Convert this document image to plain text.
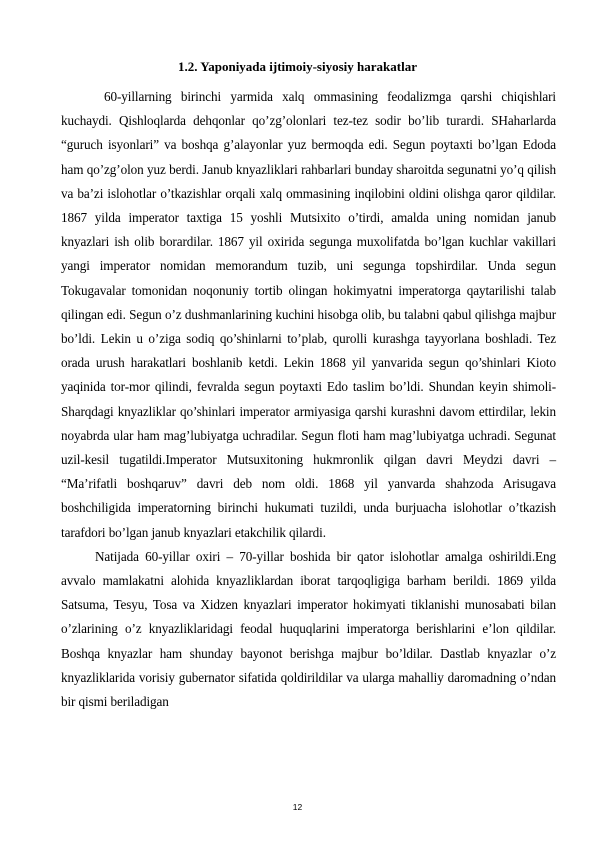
1.2. Yaponiyada ijtimoiy-siyosiy harakatlar

60-yillarning birinchi yarmida xalq ommasining feodalizmga qarshi chiqishlari kuchaydi. Qishloqlarda dehqonlar qo’zg’olonlari tez-tez sodir bo’lib turardi. SHaharlarda “guruch isyonlari” va boshqa g’alayonlar yuz bermoqda edi. Segun poytaxti bo’lgan Edoda ham qo’zg’olon yuz berdi. Janub knyazliklari rahbarlari bunday sharoitda segunatni yo’q qilish va ba’zi islohotlar o’tkazishlar orqali xalq ommasining inqilobini oldini olishga qaror qildilar. 1867 yilda imperator taxtiga 15 yoshli Mutsixito o’tirdi, amalda uning nomidan janub knyazlari ish olib borardilar. 1867 yil oxirida segunga muxolifatda bo’lgan kuchlar vakillari yangi imperator nomidan memorandum tuzib, uni segunga topshirdilar. Unda segun Tokugavalar tomonidan noqonuniy tortib olingan hokimyatni imperatorga qaytarilishi talab qilingan edi. Segun o’z dushmanlarining kuchini hisobga olib, bu talabni qabul qilishga majbur bo’ldi. Lekin u o’ziga sodiq qo’shinlarni to’plab, qurolli kurashga tayyorlana boshladi. Tez orada urush harakatlari boshlanib ketdi. Lekin 1868 yil yanvarida segun qo’shinlari Kioto yaqinida tor-mor qilindi, fevralda segun poytaxti Edo taslim bo’ldi. Shundan keyin shimoli-Sharqdagi knyazliklar qo’shinlari imperator armiyasiga qarshi kurashni davom ettirdilar, lekin noyabrda ular ham mag’lubiyatga uchradilar. Segun floti ham mag’lubiyatga uchradi. Segunat uzil-kesil tugatildi.Imperator Mutsuxitoning hukmronlik qilgan davri Meydzi davri – “Ma’rifatli boshqaruv” davri deb nom oldi. 1868 yil yanvarda shahzoda Arisugava boshchiligida imperatorning birinchi hukumati tuzildi, unda burjuacha islohotlar o’tkazish tarafdori bo’lgan janub knyazlari etakchilik qilardi.

Natijada 60-yillar oxiri – 70-yillar boshida bir qator islohotlar amalga oshirildi.Eng avvalo mamlakatni alohida knyazliklardan iborat tarqoqligiga barham berildi. 1869 yilda Satsuma, Tesyu, Tosa va Xidzen knyazlari imperator hokimyati tiklanishi munosabati bilan o’zlarining o’z knyazliklaridagi feodal huquqlarini imperatorga berishlarini e’lon qildilar. Boshqa knyazlar ham shunday bayonot berishga majbur bo’ldilar. Dastlab knyazlar o’z knyazliklarida vorisiy gubernator sifatida qoldirildilar va ularga mahalliy daromadning o’ndan bir qismi beriladigan

12
